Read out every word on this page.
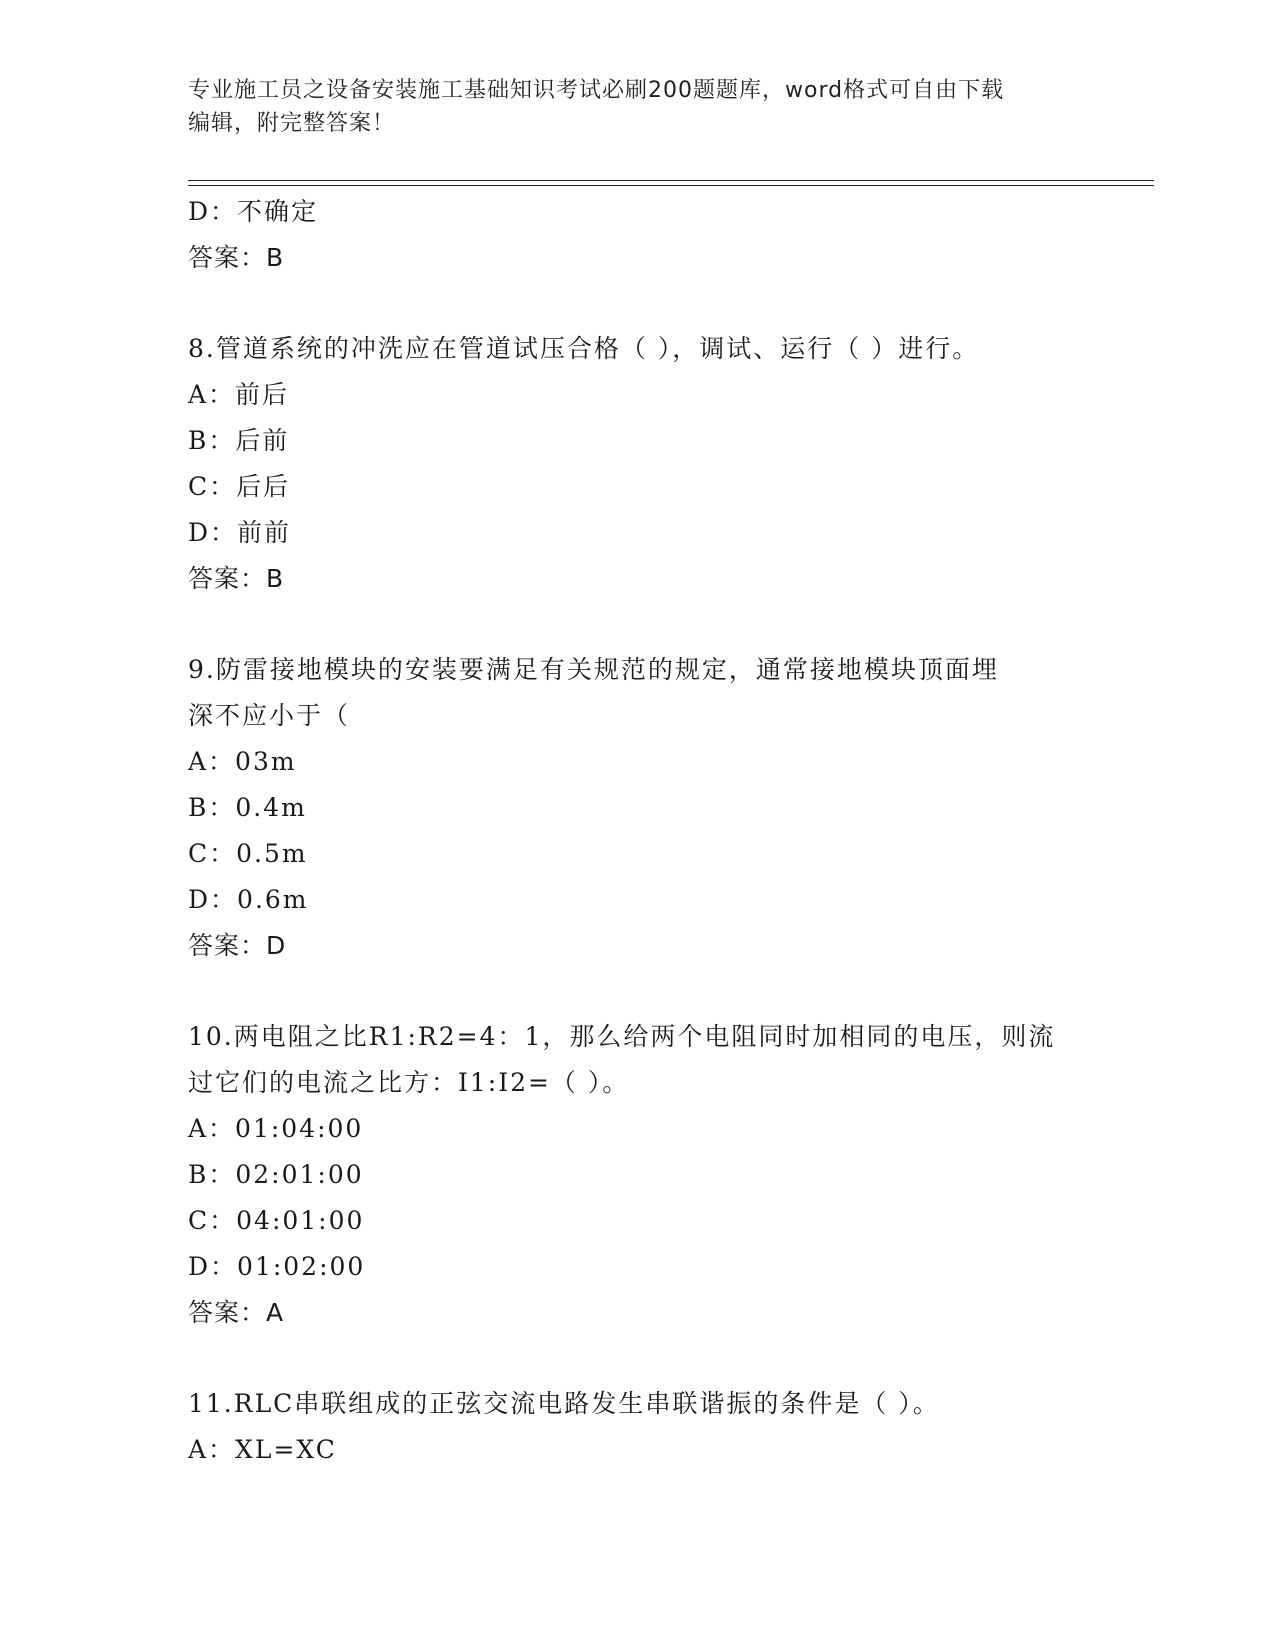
专业施工员之设备安装施工基础知识考试必刷200题题库，word格式可自由下载
编辑，附完整答案！
D：不确定
答案：B
8.管道系统的冲洗应在管道试压合格（ ），调试、运行（ ）进行。
A：前后
B：后前
C：后后
D：前前
答案：B
9.防雷接地模块的安装要满足有关规范的规定，通常接地模块顶面埋
深不应小于（
A：03m
B：0.4m
C：0.5m
D：0.6m
答案：D
10.两电阻之比R1:R2=4：1，那么给两个电阻同时加相同的电压，则流
过它们的电流之比方：I1:I2=（ ）。
A：01:04:00
B：02:01:00
C：04:01:00
D：01:02:00
答案：A
11.RLC串联组成的正弦交流电路发生串联谐振的条件是（ ）。
A：XL=XC
